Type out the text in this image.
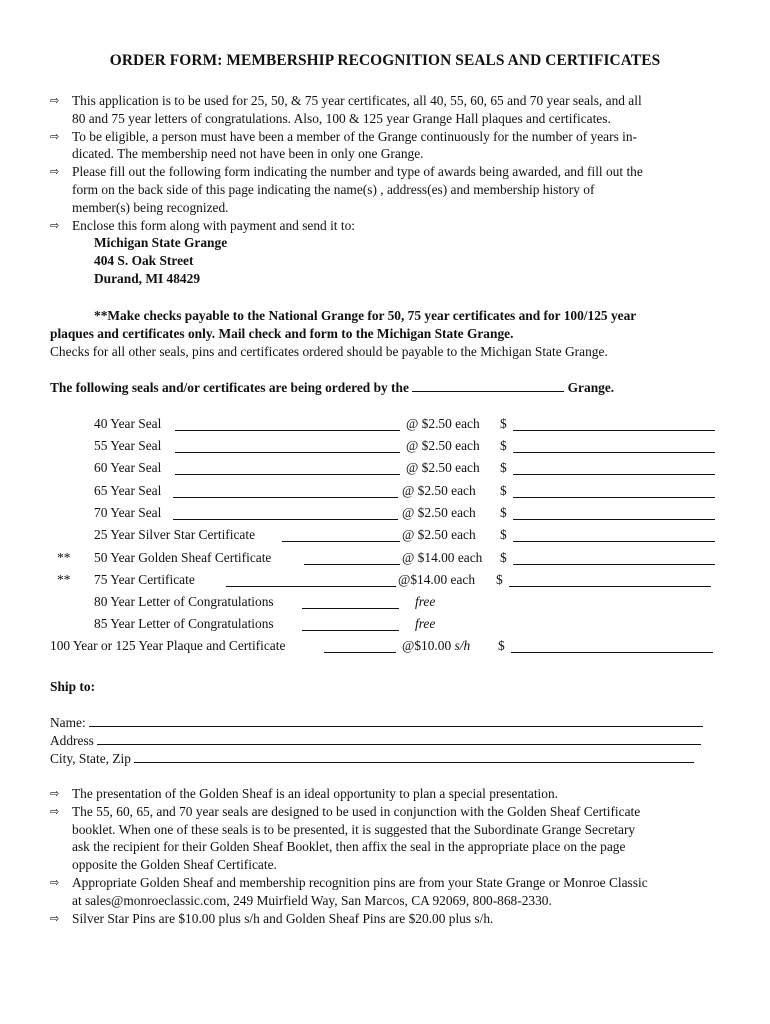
ORDER FORM: MEMBERSHIP RECOGNITION SEALS AND CERTIFICATES
⇨ This application is to be used for 25, 50, & 75 year certificates, all 40, 55, 60, 65 and 70 year seals, and all
80 and 75 year letters of congratulations. Also, 100 & 125 year Grange Hall plaques and certificates.
⇨ To be eligible, a person must have been a member of the Grange continuously for the number of years in-
dicated. The membership need not have been in only one Grange.
⇨ Please fill out the following form indicating the number and type of awards being awarded, and fill out the
form on the back side of this page indicating the name(s) , address(es) and membership history of
member(s) being recognized.
⇨ Enclose this form along with payment and send it to:
Michigan State Grange
404 S. Oak Street
Durand, MI 48429
**Make checks payable to the National Grange for 50, 75 year certificates and for 100/125 year
plaques and certificates only. Mail check and form to the Michigan State Grange.
Checks for all other seals, pins and certificates ordered should be payable to the Michigan State Grange.
The following seals and/or certificates are being ordered by the	Grange.
40 Year Seal	@ $2.50 each $
55 Year Seal	@ $2.50 each $
60 Year Seal	@ $2.50 each $
65 Year Seal	@ $2.50 each $
70 Year Seal	@ $2.50 each $
25 Year Silver Star Certificate	@ $2.50 each $
** 50 Year Golden Sheaf Certificate	@ $14.00 each $
** 75 Year Certificate	@$14.00 each $
80 Year Letter of Congratulations	free
85 Year Letter of Congratulations	free
100 Year or 125 Year Plaque and Certificate	@$10.00 s/h $
Ship to:
Name:
Address
City, State, Zip
⇨ The presentation of the Golden Sheaf is an ideal opportunity to plan a special presentation.
⇨ The 55, 60, 65, and 70 year seals are designed to be used in conjunction with the Golden Sheaf Certificate
booklet. When one of these seals is to be presented, it is suggested that the Subordinate Grange Secretary
ask the recipient for their Golden Sheaf Booklet, then affix the seal in the appropriate place on the page
opposite the Golden Sheaf Certificate.
⇨ Appropriate Golden Sheaf and membership recognition pins are from your State Grange or Monroe Classic
at sales@monroeclassic.com, 249 Muirfield Way, San Marcos, CA 92069, 800-868-2330.
⇨ Silver Star Pins are $10.00 plus s/h and Golden Sheaf Pins are $20.00 plus s/h.
